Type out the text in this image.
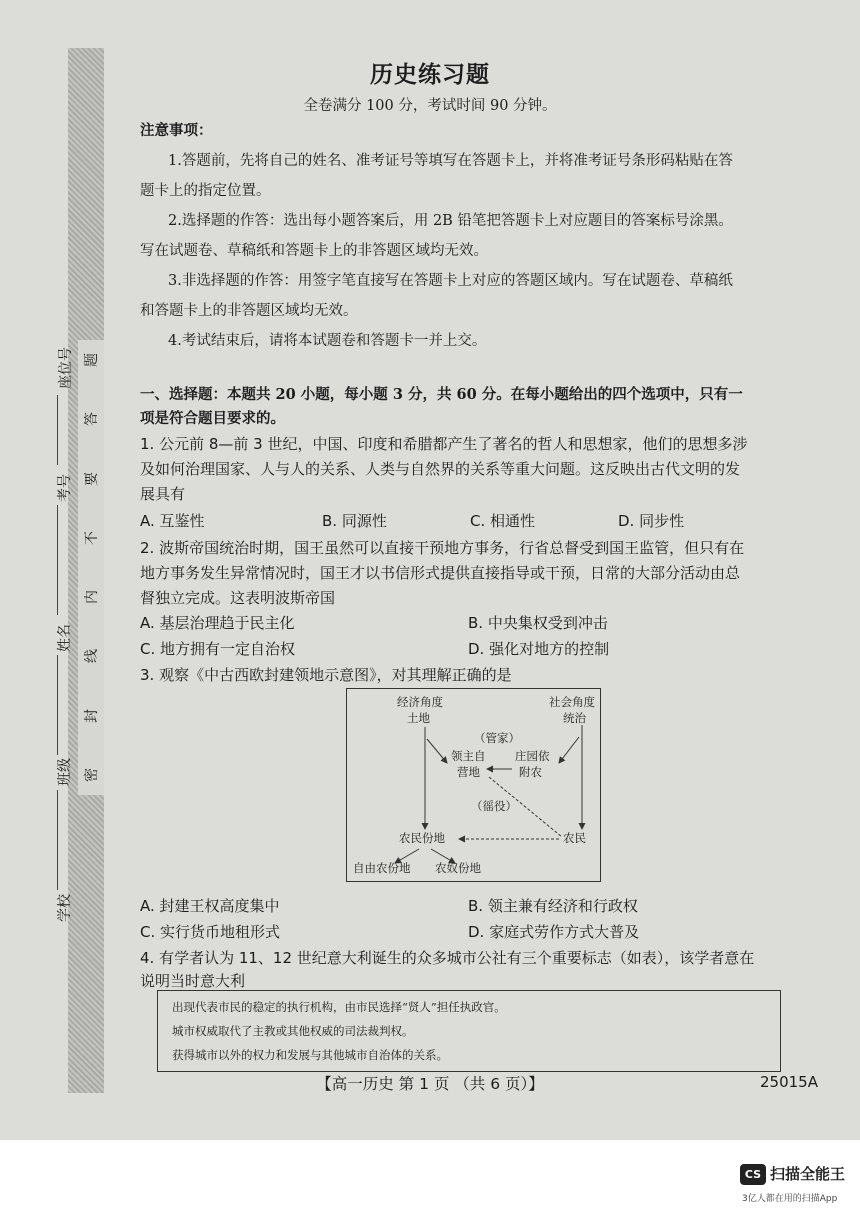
题
答
要
不
内
线
封
密
座位号
考号
姓名
班级
学校
历史练习题
全卷满分 100 分，考试时间 90 分钟。
注意事项：
1.答题前，先将自己的姓名、准考证号等填写在答题卡上，并将准考证号条形码粘贴在答
题卡上的指定位置。
2.选择题的作答：选出每小题答案后，用 2B 铅笔把答题卡上对应题目的答案标号涂黑。
写在试题卷、草稿纸和答题卡上的非答题区域均无效。
3.非选择题的作答：用签字笔直接写在答题卡上对应的答题区域内。写在试题卷、草稿纸
和答题卡上的非答题区域均无效。
4.考试结束后，请将本试题卷和答题卡一并上交。
一、选择题：本题共 20 小题，每小题 3 分，共 60 分。在每小题给出的四个选项中，只有一
项是符合题目要求的。
1. 公元前 8—前 3 世纪，中国、印度和希腊都产生了著名的哲人和思想家，他们的思想多涉
及如何治理国家、人与人的关系、人类与自然界的关系等重大问题。这反映出古代文明的发
展具有
A. 互鉴性	B. 同源性	C. 相通性	D. 同步性
2. 波斯帝国统治时期，国王虽然可以直接干预地方事务，行省总督受到国王监管，但只有在
地方事务发生异常情况时，国王才以书信形式提供直接指导或干预，日常的大部分活动由总
督独立完成。这表明波斯帝国
A. 基层治理趋于民主化	B. 中央集权受到冲击
C. 地方拥有一定自治权	D. 强化对地方的控制
3. 观察《中古西欧封建领地示意图》，对其理解正确的是
经济角度
土地
社会角度
统治
（管家）
领主自
营地
庄园依
附农
（徭役）
农民份地	农民
自由农份地 农奴份地
A. 封建王权高度集中	B. 领主兼有经济和行政权
C. 实行货币地租形式	D. 家庭式劳作方式大普及
4. 有学者认为 11、12 世纪意大利诞生的众多城市公社有三个重要标志（如表），该学者意在
说明当时意大利
出现代表市民的稳定的执行机构，由市民选择“贤人”担任执政官。
城市权威取代了主教或其他权威的司法裁判权。
获得城市以外的权力和发展与其他城市自治体的关系。
【高一历史 第 1 页 （共 6 页）】	25015A
CS 扫描全能王
3亿人都在用的扫描App
